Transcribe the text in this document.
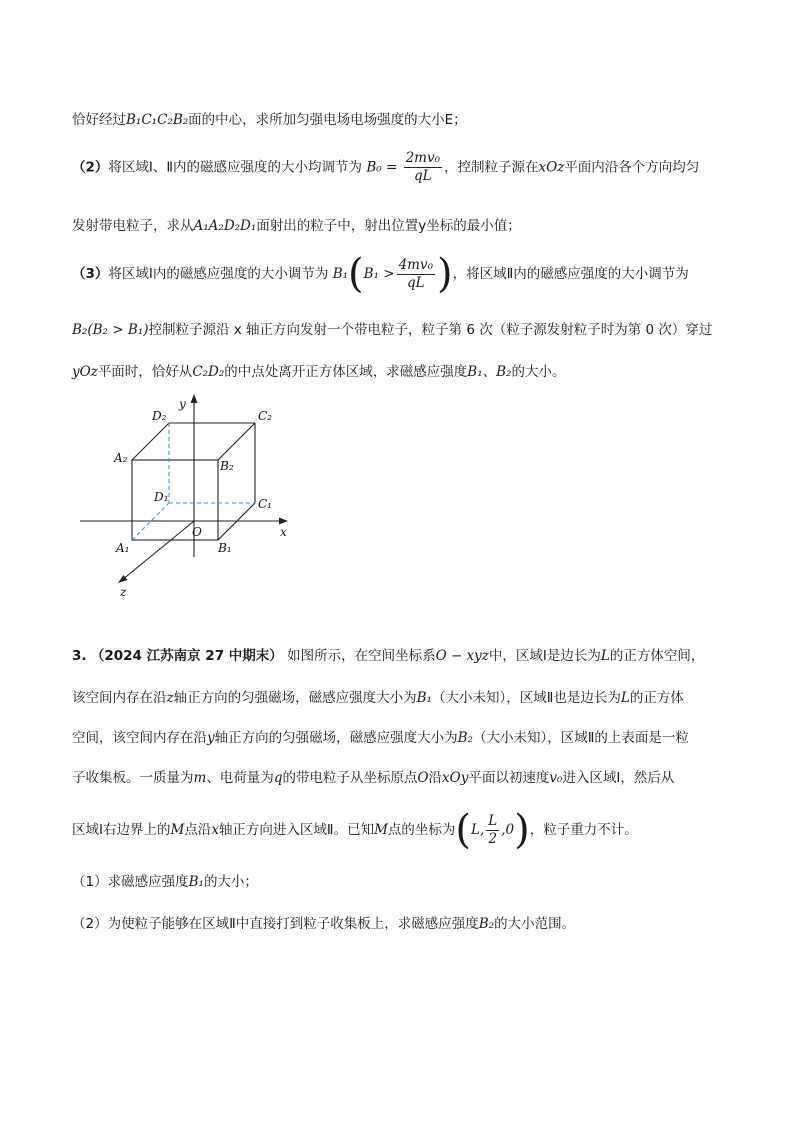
恰好经过B₁C₁C₂B₂面的中心，求所加匀强电场电场强度的大小E；
（2）将区域Ⅰ、Ⅱ内的磁感应强度的大小均调节为 $B_0 = \frac{\text{2mv₀}}{qL}$ ，控制粒子源在xOz平面内沿各个方向均匀
发射带电粒子，求从A₁A₂D₂D₁面射出的粒子中，射出位置y坐标的最小值；
（3）将区域Ⅰ内的磁感应强度的大小调节为 $B_1(B_1 > \frac{\text{4mv₀}}{qL}$ )，将区域Ⅱ内的磁感应强度的大小调节为
B₂(B₂ > B₁)控制粒子源沿 x 轴正方向发射一个带电粒子，粒子第 6 次（粒子源发射粒子时为第 0 次）穿过
yOz平面时，恰好从C₂D₂的中点处离开正方体区域，求磁感应强度B₁、B₂的大小。
D₂	C₂
A₂
B₂
D₁	C₁
A₁	B₁
O	x
y
z
3. （2024 江苏南京 27 中期末） 如图所示，在空间坐标系O − xyz中，区域Ⅰ是边长为L的正方体空间，
该空间内存在沿z轴正方向的匀强磁场，磁感应强度大小为B₁（大小未知），区域Ⅱ也是边长为L的正方体
空间，该空间内存在沿y轴正方向的匀强磁场，磁感应强度大小为B₂（大小未知），区域Ⅱ的上表面是一粒
子收集板。一质量为m、电荷量为q的带电粒子从坐标原点O沿xOy平面以初速度v₀进入区域Ⅰ，然后从
区域Ⅰ右边界上的M点沿x轴正方向进入区域Ⅱ。已知M点的坐标为(L, $\frac{L}{2} ,0$)，粒子重力不计。
（1）求磁感应强度B₁的大小；
（2）为使粒子能够在区域Ⅱ中直接打到粒子收集板上，求磁感应强度B₂的大小范围。
